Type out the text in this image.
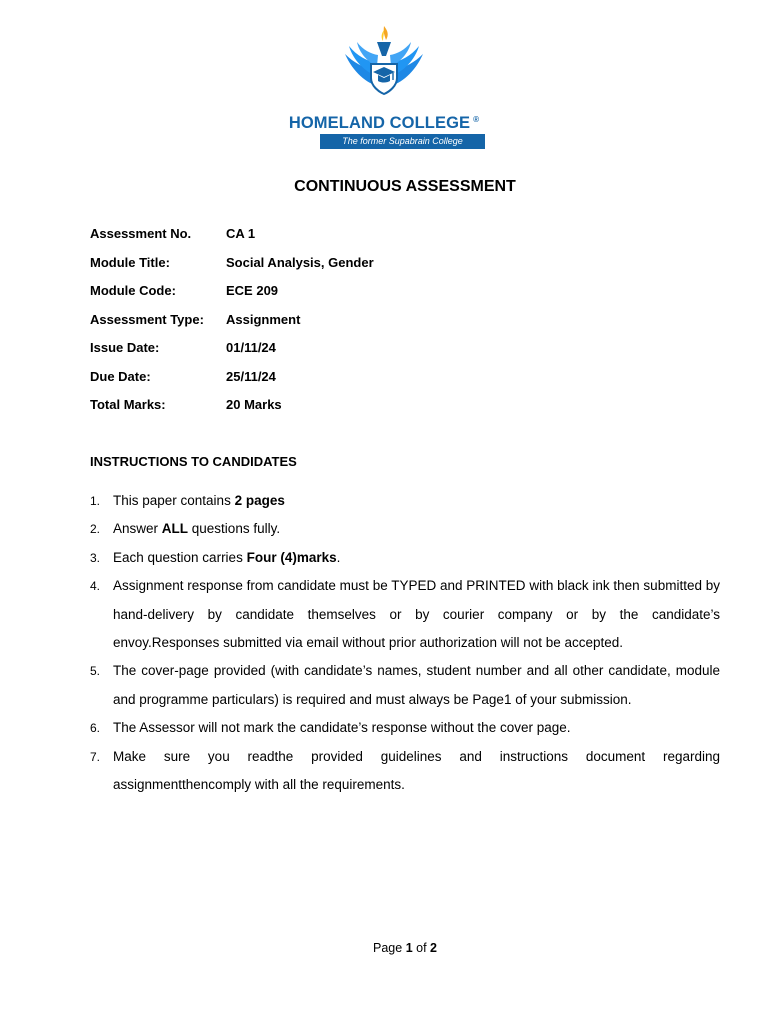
HOMELAND COLLEGE ®
The former Supabrain College
CONTINUOUS ASSESSMENT
Assessment No.	CA 1
Module Title:	Social Analysis, Gender
Module Code:	ECE 209
Assessment Type:	Assignment
Issue Date:	01/11/24
Due Date:	25/11/24
Total Marks:	20 Marks
INSTRUCTIONS TO CANDIDATES
1. This paper contains 2 pages
2. Answer ALL questions fully.
3. Each question carries Four (4)marks.
4. Assignment response from candidate must be TYPED and PRINTED with black ink then submitted by hand-delivery by candidate themselves or by courier company or by the candidate’s envoy.Responses submitted via email without prior authorization will not be accepted.
5. The cover-page provided (with candidate’s names, student number and all other candidate, module and programme particulars) is required and must always be Page1 of your submission.
6. The Assessor will not mark the candidate’s response without the cover page.
7. Make sure you readthe provided guidelines and instructions document regarding assignmentthencomply with all the requirements.
Page 1 of 2
